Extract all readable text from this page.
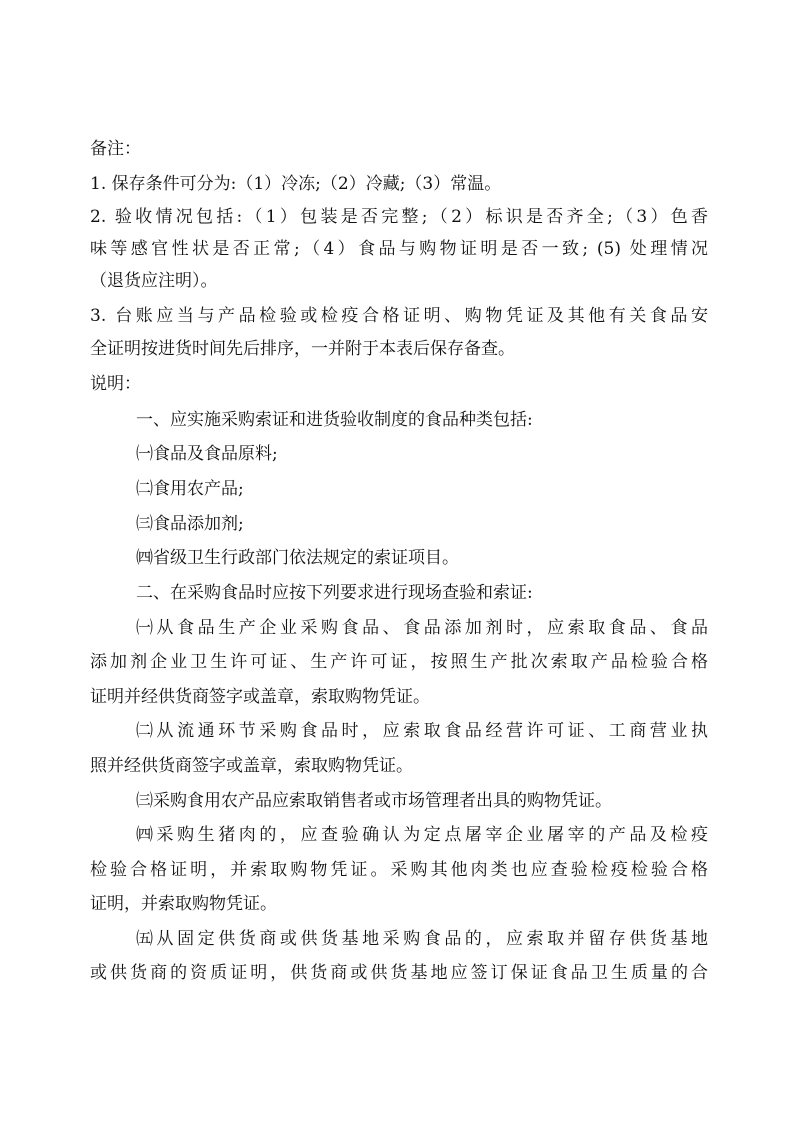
备注：
1. 保存条件可分为:（1）冷冻;（2）冷藏;（3）常温。
2. 验收情况包括:（1）包装是否完整;（2）标识是否齐全;（3）色香
味等感官性状是否正常;（4）食品与购物证明是否一致; (5) 处理情况
（退货应注明）。
3. 台账应当与产品检验或检疫合格证明、购物凭证及其他有关食品安
全证明按进货时间先后排序，一并附于本表后保存备查。
说明：
一、应实施采购索证和进货验收制度的食品种类包括:
㈠食品及食品原料;
㈡食用农产品;
㈢食品添加剂;
㈣省级卫生行政部门依法规定的索证项目。
二、在采购食品时应按下列要求进行现场查验和索证:
㈠从食品生产企业采购食品、食品添加剂时，应索取食品、食品
添加剂企业卫生许可证、生产许可证，按照生产批次索取产品检验合格
证明并经供货商签字或盖章，索取购物凭证。
㈡从流通环节采购食品时，应索取食品经营许可证、工商营业执
照并经供货商签字或盖章，索取购物凭证。
㈢采购食用农产品应索取销售者或市场管理者出具的购物凭证。
㈣采购生猪肉的，应查验确认为定点屠宰企业屠宰的产品及检疫
检验合格证明，并索取购物凭证。采购其他肉类也应查验检疫检验合格
证明，并索取购物凭证。
㈤从固定供货商或供货基地采购食品的，应索取并留存供货基地
或供货商的资质证明，供货商或供货基地应签订保证食品卫生质量的合
